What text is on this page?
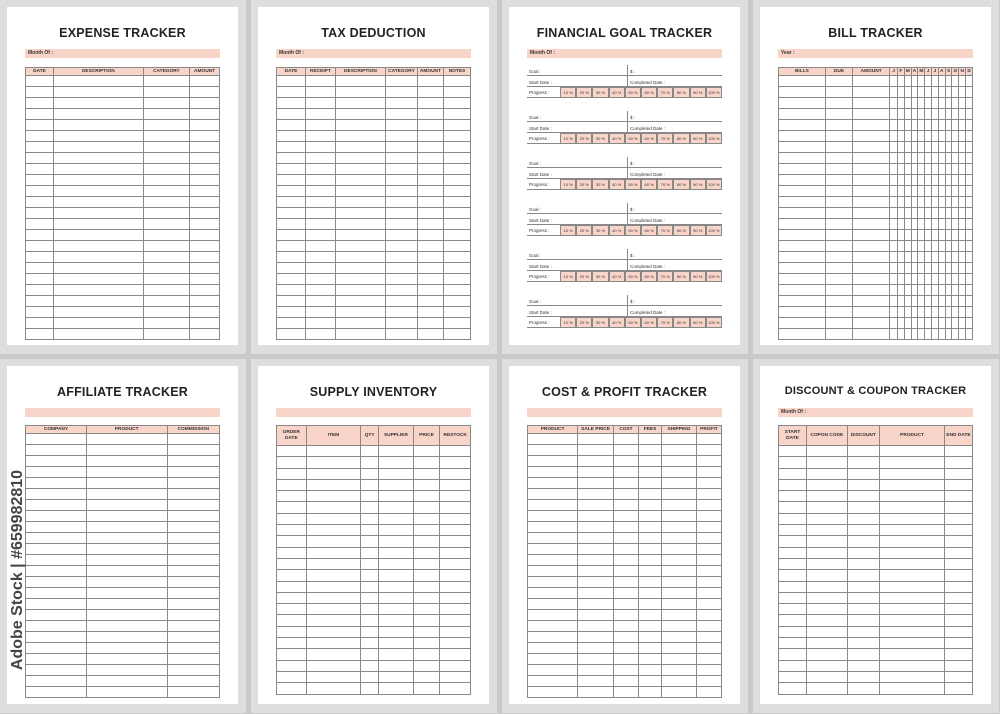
EXPENSE TRACKER
Month Of :
DATE	DESCRIPTION	CATEGORY	AMOUNT

TAX DEDUCTION
Month Of :
DATE	RECEIPT	DESCRIPTION	CATEGORY	AMOUNT	NOTES

FINANCIAL GOAL TRACKER
Month Of :
Goal :	$ :
Start Date :	Completed Date :
Progress :	10 %	20 %	30 %	40 %	50 %	60 %	70 %	80 %	90 %	100 %
Goal :	$ :
Start Date :	Completed Date :
Progress :	10 %	20 %	30 %	40 %	50 %	60 %	70 %	80 %	90 %	100 %
Goal :	$ :
Start Date :	Completed Date :
Progress :	10 %	20 %	30 %	40 %	50 %	60 %	70 %	80 %	90 %	100 %
Goal :	$ :
Start Date :	Completed Date :
Progress :	10 %	20 %	30 %	40 %	50 %	60 %	70 %	80 %	90 %	100 %
Goal :	$ :
Start Date :	Completed Date :
Progress :	10 %	20 %	30 %	40 %	50 %	60 %	70 %	80 %	90 %	100 %
Goal :	$ :
Start Date :	Completed Date :
Progress :	10 %	20 %	30 %	40 %	50 %	60 %	70 %	80 %	90 %	100 %
BILL TRACKER
Year :
BILLS	DUE	AMOUNT	J	F	M	A	M	J	J	A	S	O	N	D

AFFILIATE TRACKER
COMPANY	PRODUCT	COMMISSION

SUPPLY INVENTORY
ORDER DATE	ITEM	QTY	SUPPLIER	PRICE	RESTOCK

COST & PROFIT TRACKER
PRODUCT	SALE PRICE	COST	FEES	SHIPPING	PROFIT

DISCOUNT & COUPON TRACKER
Month Of :
START DATE	COPON CODE	DISCOUNT	PRODUCT	END DATE

Adobe Stock | #659982810
